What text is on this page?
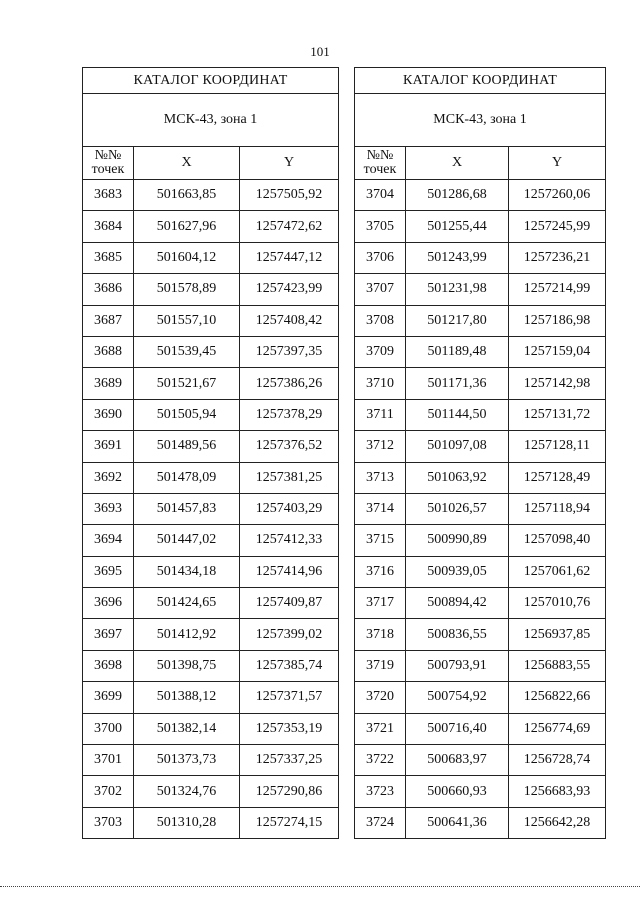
101
КАТАЛОГ КООРДИНАТ		
МСК-43, зона 1		

№№
точек	X	Y
3683	501663,85	1257505,92
3684	501627,96	1257472,62
3685	501604,12	1257447,12
3686	501578,89	1257423,99
3687	501557,10	1257408,42
3688	501539,45	1257397,35
3689	501521,67	1257386,26
3690	501505,94	1257378,29
3691	501489,56	1257376,52
3692	501478,09	1257381,25
3693	501457,83	1257403,29
3694	501447,02	1257412,33
3695	501434,18	1257414,96
3696	501424,65	1257409,87
3697	501412,92	1257399,02
3698	501398,75	1257385,74
3699	501388,12	1257371,57
3700	501382,14	1257353,19
3701	501373,73	1257337,25
3702	501324,76	1257290,86
3703	501310,28	1257274,15
КАТАЛОГ КООРДИНАТ		
МСК-43, зона 1		

№№
точек	X	Y
3704	501286,68	1257260,06
3705	501255,44	1257245,99
3706	501243,99	1257236,21
3707	501231,98	1257214,99
3708	501217,80	1257186,98
3709	501189,48	1257159,04
3710	501171,36	1257142,98
3711	501144,50	1257131,72
3712	501097,08	1257128,11
3713	501063,92	1257128,49
3714	501026,57	1257118,94
3715	500990,89	1257098,40
3716	500939,05	1257061,62
3717	500894,42	1257010,76
3718	500836,55	1256937,85
3719	500793,91	1256883,55
3720	500754,92	1256822,66
3721	500716,40	1256774,69
3722	500683,97	1256728,74
3723	500660,93	1256683,93
3724	500641,36	1256642,28
